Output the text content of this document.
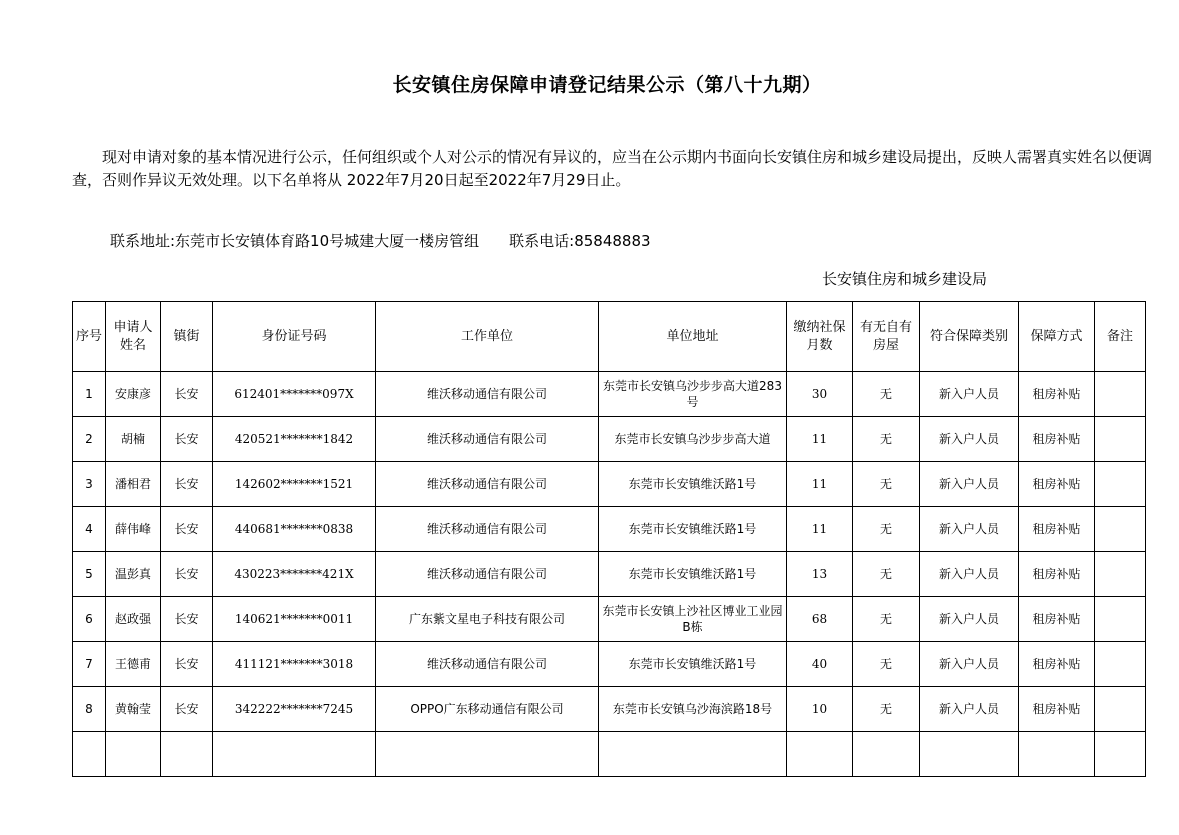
长安镇住房保障申请登记结果公示（第八十九期）
现对申请对象的基本情况进行公示，任何组织或个人对公示的情况有异议的，应当在公示期内书面向长安镇住房和城乡建设局提出，反映人需署真实姓名以便调查，否则作异议无效处理。以下名单将从 2022年7月20日起至2022年7月29日止。
联系地址:东莞市长安镇体育路10号城建大厦一楼房管组 联系电话:85848883
长安镇住房和城乡建设局
序号	申请人姓名	镇街	身份证号码	工作单位	单位地址	缴纳社保月数	有无自有房屋	符合保障类别	保障方式	备注
1	安康彦	长安	612401*******097X	维沃移动通信有限公司	东莞市长安镇乌沙步步高大道283号	30	无	新入户人员	租房补贴	
2	胡楠	长安	420521*******1842	维沃移动通信有限公司	东莞市长安镇乌沙步步高大道	11	无	新入户人员	租房补贴	
3	潘相君	长安	142602*******1521	维沃移动通信有限公司	东莞市长安镇维沃路1号	11	无	新入户人员	租房补贴	
4	薛伟峰	长安	440681*******0838	维沃移动通信有限公司	东莞市长安镇维沃路1号	11	无	新入户人员	租房补贴	
5	温彭真	长安	430223*******421X	维沃移动通信有限公司	东莞市长安镇维沃路1号	13	无	新入户人员	租房补贴	
6	赵政强	长安	140621*******0011	广东紫文星电子科技有限公司	东莞市长安镇上沙社区博业工业园B栋	68	无	新入户人员	租房补贴	
7	王德甫	长安	411121*******3018	维沃移动通信有限公司	东莞市长安镇维沃路1号	40	无	新入户人员	租房补贴	
8	黄翰莹	长安	342222*******7245	OPPO广东移动通信有限公司	东莞市长安镇乌沙海滨路18号	10	无	新入户人员	租房补贴	
